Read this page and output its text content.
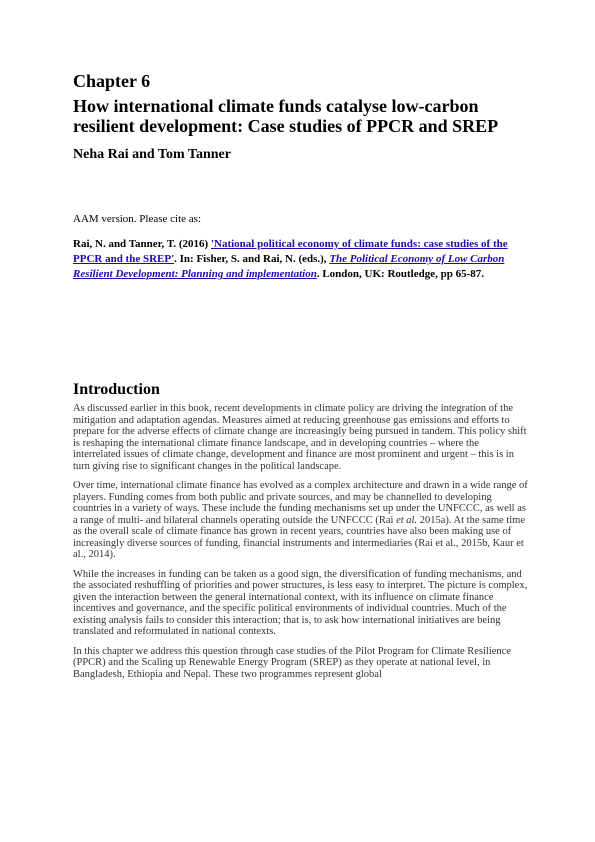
Chapter 6
How international climate funds catalyse low-carbon resilient development: Case studies of PPCR and SREP
Neha Rai and Tom Tanner

AAM version. Please cite as:

Rai, N. and Tanner, T. (2016) 'National political economy of climate funds: case studies of the PPCR and the SREP'. In: Fisher, S. and Rai, N. (eds.), The Political Economy of Low Carbon Resilient Development: Planning and implementation. London, UK: Routledge, pp 65-87.

Introduction

As discussed earlier in this book, recent developments in climate policy are driving the integration of the mitigation and adaptation agendas. Measures aimed at reducing greenhouse gas emissions and efforts to prepare for the adverse effects of climate change are increasingly being pursued in tandem. This policy shift is reshaping the international climate finance landscape, and in developing countries – where the interrelated issues of climate change, development and finance are most prominent and urgent – this is in turn giving rise to significant changes in the political landscape.

Over time, international climate finance has evolved as a complex architecture and drawn in a wide range of players. Funding comes from both public and private sources, and may be channelled to developing countries in a variety of ways. These include the funding mechanisms set up under the UNFCCC, as well as a range of multi- and bilateral channels operating outside the UNFCCC (Rai et al. 2015a). At the same time as the overall scale of climate finance has grown in recent years, countries have also been making use of increasingly diverse sources of funding, financial instruments and intermediaries (Rai et al., 2015b, Kaur et al., 2014).

While the increases in funding can be taken as a good sign, the diversification of funding mechanisms, and the associated reshuffling of priorities and power structures, is less easy to interpret. The picture is complex, given the interaction between the general international context, with its influence on climate finance incentives and governance, and the specific political environments of individual countries. Much of the existing analysis fails to consider this interaction; that is, to ask how international initiatives are being translated and reformulated in national contexts.

In this chapter we address this question through case studies of the Pilot Program for Climate Resilience (PPCR) and the Scaling up Renewable Energy Program (SREP) as they operate at national level, in Bangladesh, Ethiopia and Nepal. These two programmes represent global
